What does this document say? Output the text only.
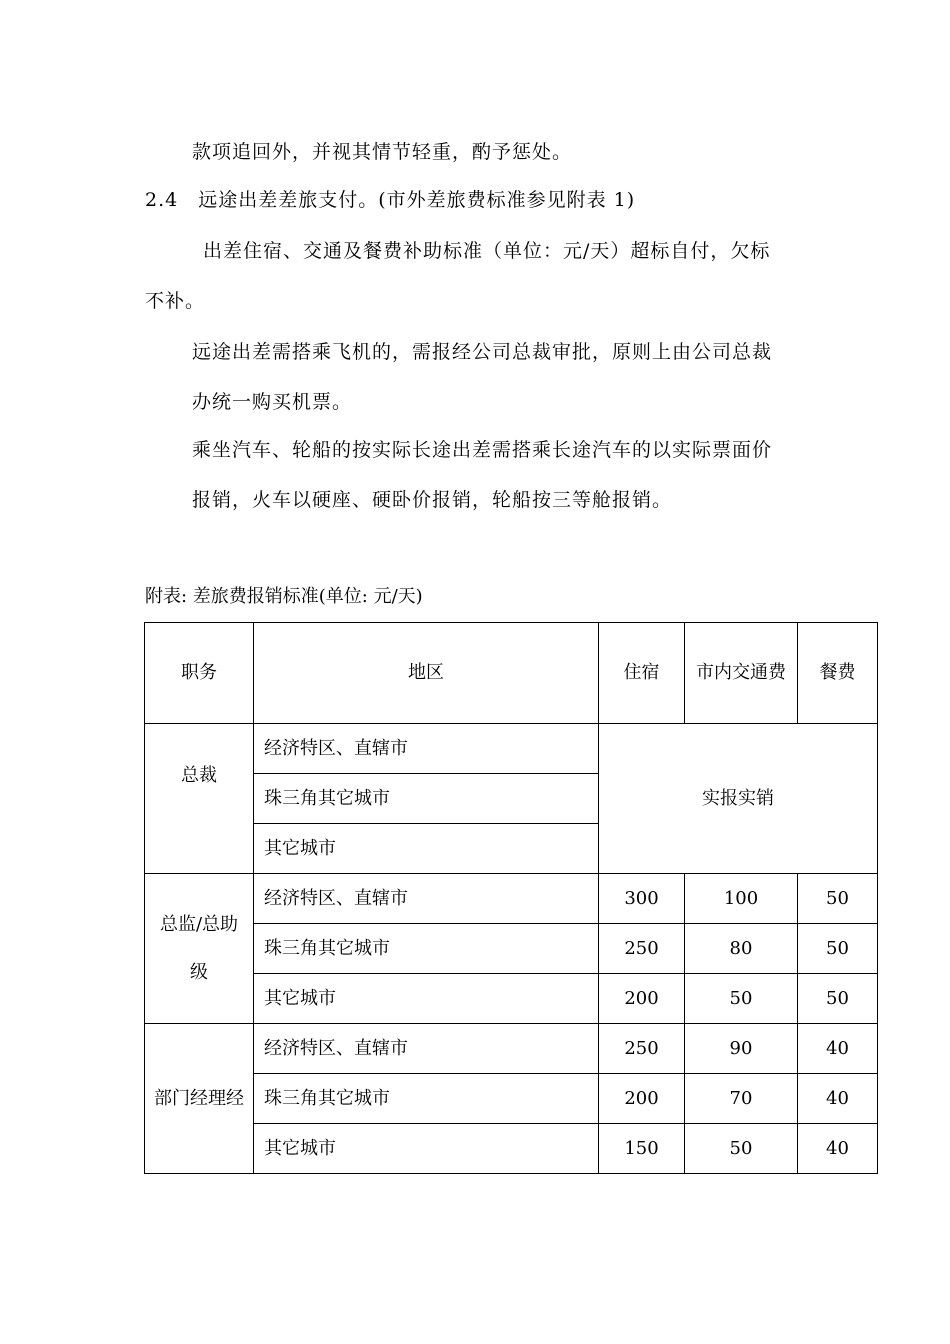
款项追回外，并视其情节轻重，酌予惩处。
2.4　远途出差差旅支付。(市外差旅费标准参见附表 1)
出差住宿、交通及餐费补助标准（单位：元/天）超标自付，欠标
不补。
远途出差需搭乘飞机的，需报经公司总裁审批，原则上由公司总裁
办统一购买机票。
乘坐汽车、轮船的按实际长途出差需搭乘长途汽车的以实际票面价
报销，火车以硬座、硬卧价报销，轮船按三等舱报销。
附表: 差旅费报销标准(单位: 元/天)
职务	地区	住宿	市内交通费	餐费
总裁	经济特区、直辖市	实报实销		
	珠三角其它城市			
	其它城市			
总监/总助级	经济特区、直辖市	300	100	50
	珠三角其它城市	250	80	50
	其它城市	200	50	50
部门经理经	经济特区、直辖市	250	90	40
	珠三角其它城市	200	70	40
	其它城市	150	50	40
